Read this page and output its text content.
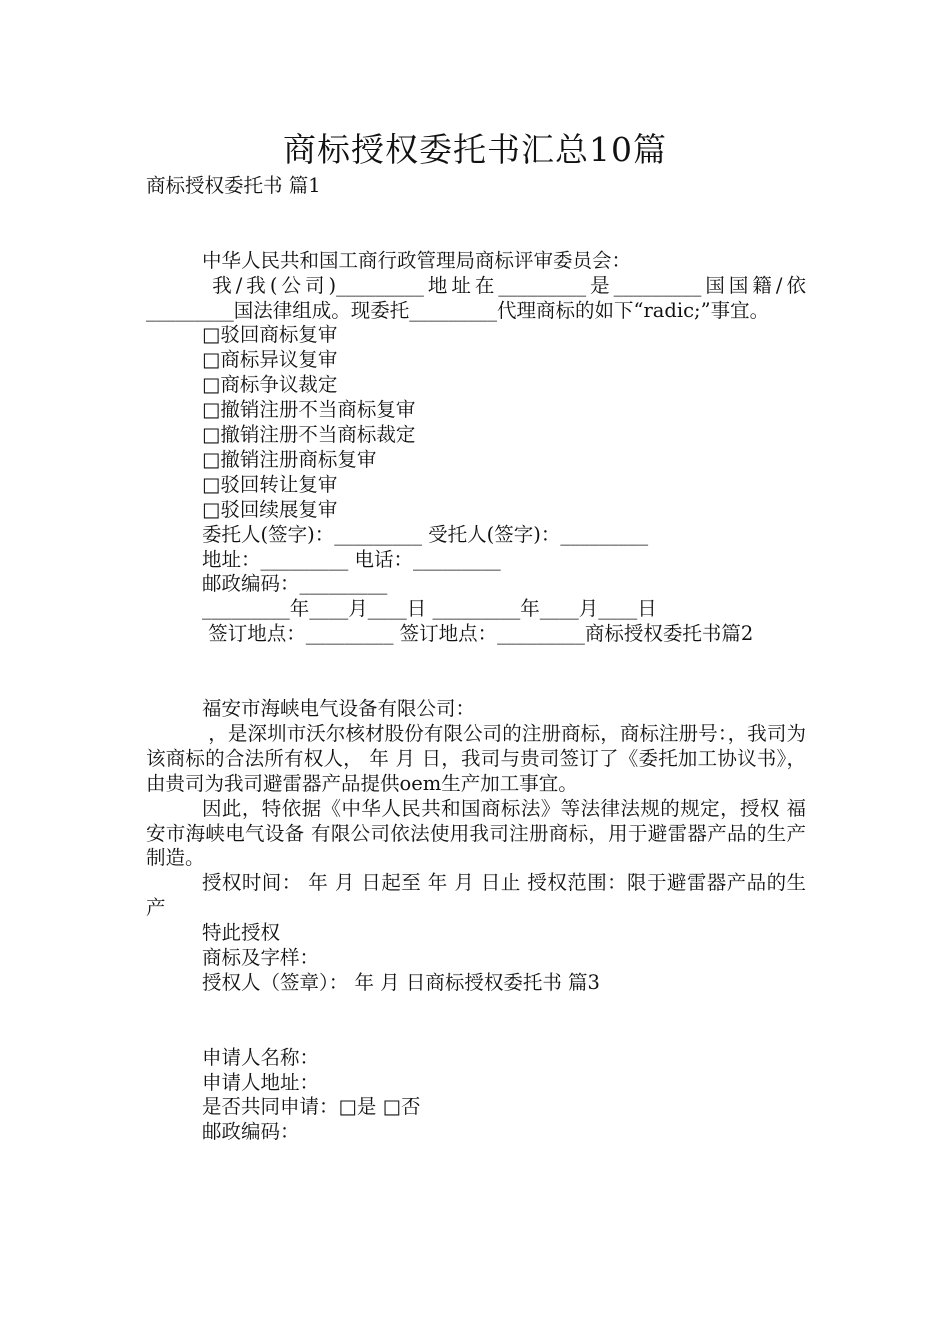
商标授权委托书汇总10篇

商标授权委托书 篇1

中华人民共和国工商行政管理局商标评审委员会：

我/我(公司)_________地址在_________是_________国国籍/依_________国法律组成。现委托_________代理商标的如下“radic;”事宜。

□驳回商标复审

□商标异议复审

□商标争议裁定

□撤销注册不当商标复审

□撤销注册不当商标裁定

□撤销注册商标复审

□驳回转让复审

□驳回续展复审

委托人(签字)：_________ 受托人(签字)：_________

地址：_________ 电话：_________

邮政编码：_________

_________年____月____日 _________年____月____日

签订地点：_________ 签订地点：_________商标授权委托书篇2

福安市海峡电气设备有限公司：

，是深圳市沃尔核材股份有限公司的注册商标，商标注册号：，我司为该商标的合法所有权人， 年 月 日，我司与贵司签订了《委托加工协议书》，由贵司为我司避雷器产品提供oem生产加工事宜。

因此，特依据《中华人民共和国商标法》等法律法规的规定，授权 福安市海峡电气设备 有限公司依法使用我司注册商标，用于避雷器产品的生产制造。

授权时间： 年 月 日起至 年 月 日止 授权范围：限于避雷器产品的生产

特此授权

商标及字样：

授权人（签章）： 年 月 日商标授权委托书 篇3

申请人名称：

申请人地址：

是否共同申请：□是 □否

邮政编码：
